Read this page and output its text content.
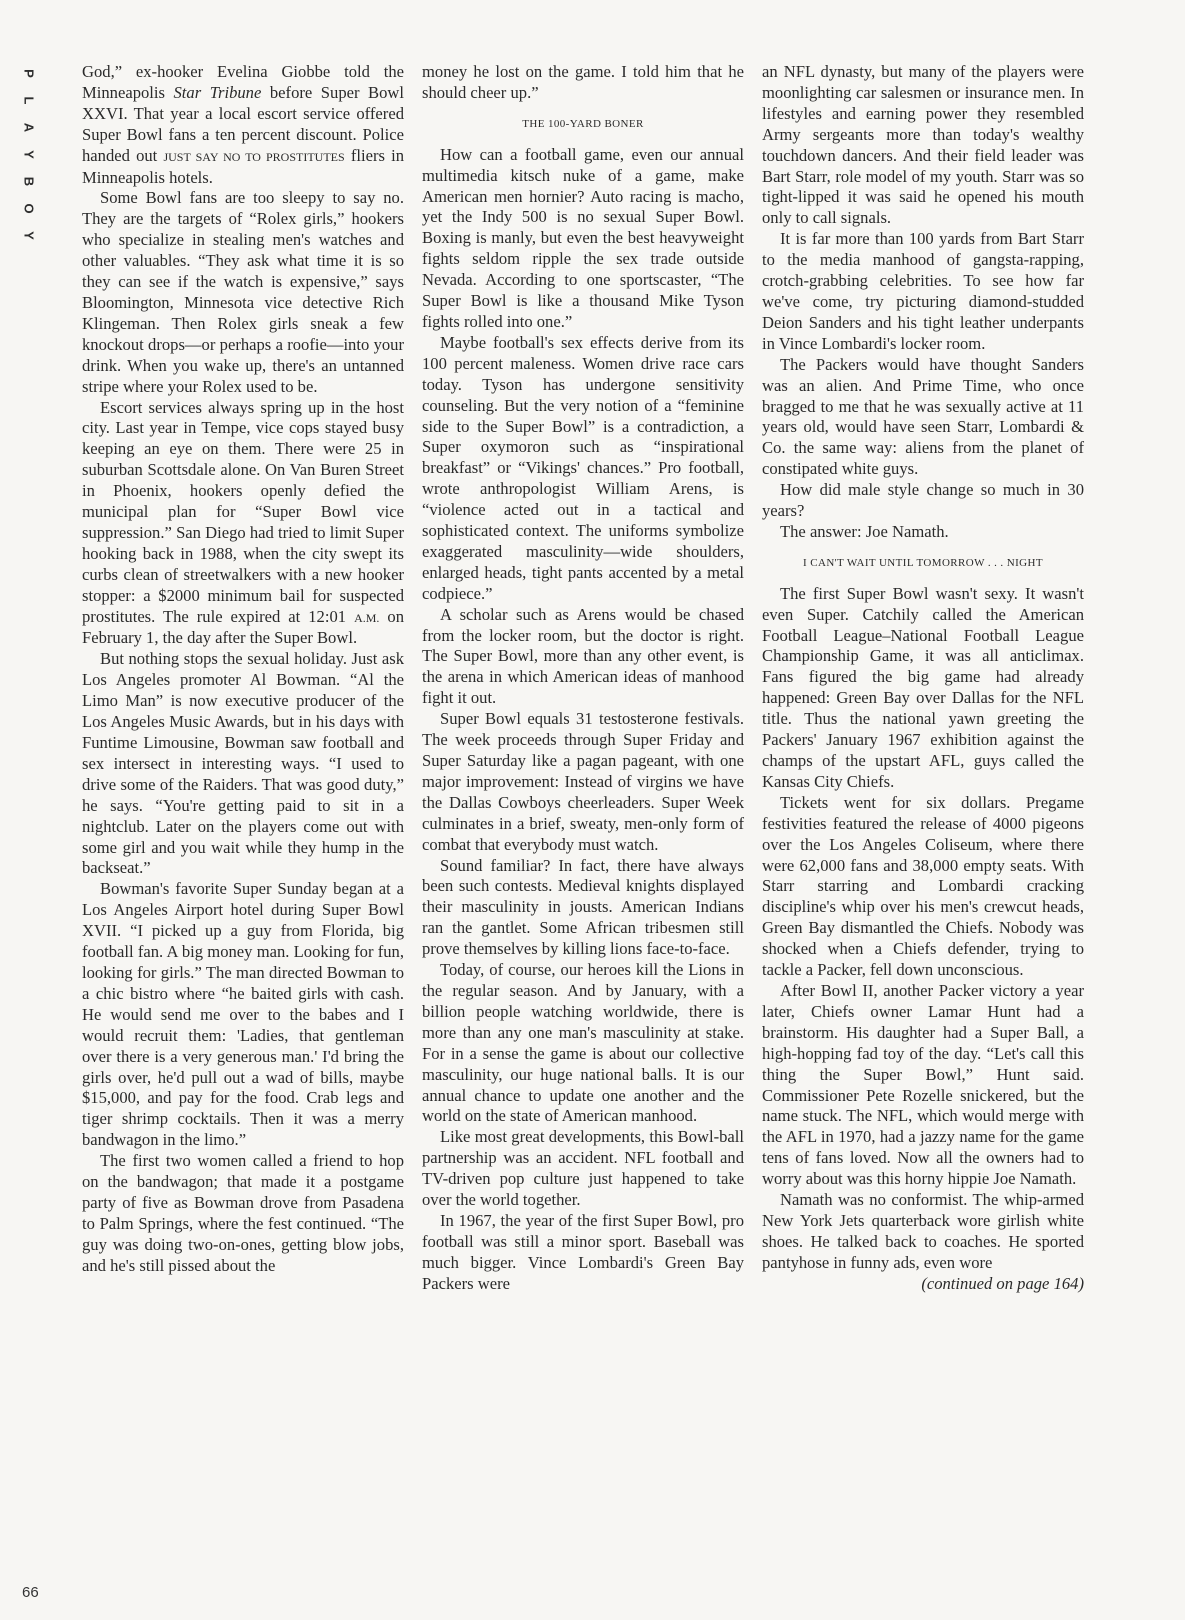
P
L
A
Y
B
O
Y
66

God,” ex-hooker Evelina Giobbe told the Minneapolis Star Tribune before Super Bowl XXVI. That year a local escort service offered Super Bowl fans a ten percent discount. Police handed out JUST SAY NO TO PROSTITUTES fliers in Minneapolis hotels.

Some Bowl fans are too sleepy to say no. They are the targets of “Rolex girls,” hookers who specialize in stealing men's watches and other valuables. “They ask what time it is so they can see if the watch is expensive,” says Bloomington, Minnesota vice detective Rich Klingeman. Then Rolex girls sneak a few knockout drops—or perhaps a roofie—into your drink. When you wake up, there's an untanned stripe where your Rolex used to be.

Escort services always spring up in the host city. Last year in Tempe, vice cops stayed busy keeping an eye on them. There were 25 in suburban Scottsdale alone. On Van Buren Street in Phoenix, hookers openly defied the municipal plan for “Super Bowl vice suppression.” San Diego had tried to limit Super hooking back in 1988, when the city swept its curbs clean of streetwalkers with a new hooker stopper: a $2000 minimum bail for suspected prostitutes. The rule expired at 12:01 A.M. on February 1, the day after the Super Bowl.

But nothing stops the sexual holiday. Just ask Los Angeles promoter Al Bowman. “Al the Limo Man” is now executive producer of the Los Angeles Music Awards, but in his days with Funtime Limousine, Bowman saw football and sex intersect in interesting ways. “I used to drive some of the Raiders. That was good duty,” he says. “You're getting paid to sit in a nightclub. Later on the players come out with some girl and you wait while they hump in the backseat.”

Bowman's favorite Super Sunday began at a Los Angeles Airport hotel during Super Bowl XVII. “I picked up a guy from Florida, big football fan. A big money man. Looking for fun, looking for girls.” The man directed Bowman to a chic bistro where “he baited girls with cash. He would send me over to the babes and I would recruit them: 'Ladies, that gentleman over there is a very generous man.' I'd bring the girls over, he'd pull out a wad of bills, maybe $15,000, and pay for the food. Crab legs and tiger shrimp cocktails. Then it was a merry bandwagon in the limo.”

The first two women called a friend to hop on the bandwagon; that made it a postgame party of five as Bowman drove from Pasadena to Palm Springs, where the fest continued. “The guy was doing two-on-ones, getting blow jobs, and he's still pissed about the

money he lost on the game. I told him that he should cheer up.”

THE 100-YARD BONER

How can a football game, even our annual multimedia kitsch nuke of a game, make American men hornier? Auto racing is macho, yet the Indy 500 is no sexual Super Bowl. Boxing is manly, but even the best heavyweight fights seldom ripple the sex trade outside Nevada. According to one sportscaster, “The Super Bowl is like a thousand Mike Tyson fights rolled into one.”

Maybe football's sex effects derive from its 100 percent maleness. Women drive race cars today. Tyson has undergone sensitivity counseling. But the very notion of a “feminine side to the Super Bowl” is a contradiction, a Super oxymoron such as “inspirational breakfast” or “Vikings' chances.” Pro football, wrote anthropologist William Arens, is “violence acted out in a tactical and sophisticated context. The uniforms symbolize exaggerated masculinity—wide shoulders, enlarged heads, tight pants accented by a metal codpiece.”

A scholar such as Arens would be chased from the locker room, but the doctor is right. The Super Bowl, more than any other event, is the arena in which American ideas of manhood fight it out.

Super Bowl equals 31 testosterone festivals. The week proceeds through Super Friday and Super Saturday like a pagan pageant, with one major improvement: Instead of virgins we have the Dallas Cowboys cheerleaders. Super Week culminates in a brief, sweaty, men-only form of combat that everybody must watch.

Sound familiar? In fact, there have always been such contests. Medieval knights displayed their masculinity in jousts. American Indians ran the gantlet. Some African tribesmen still prove themselves by killing lions face-to-face.

Today, of course, our heroes kill the Lions in the regular season. And by January, with a billion people watching worldwide, there is more than any one man's masculinity at stake. For in a sense the game is about our collective masculinity, our huge national balls. It is our annual chance to update one another and the world on the state of American manhood.

Like most great developments, this Bowl-ball partnership was an accident. NFL football and TV-driven pop culture just happened to take over the world together.

In 1967, the year of the first Super Bowl, pro football was still a minor sport. Baseball was much bigger. Vince Lombardi's Green Bay Packers were

an NFL dynasty, but many of the players were moonlighting car salesmen or insurance men. In lifestyles and earning power they resembled Army sergeants more than today's wealthy touchdown dancers. And their field leader was Bart Starr, role model of my youth. Starr was so tight-lipped it was said he opened his mouth only to call signals.

It is far more than 100 yards from Bart Starr to the media manhood of gangsta-rapping, crotch-grabbing celebrities. To see how far we've come, try picturing diamond-studded Deion Sanders and his tight leather underpants in Vince Lombardi's locker room.

The Packers would have thought Sanders was an alien. And Prime Time, who once bragged to me that he was sexually active at 11 years old, would have seen Starr, Lombardi & Co. the same way: aliens from the planet of constipated white guys.

How did male style change so much in 30 years?

The answer: Joe Namath.

I CAN'T WAIT UNTIL TOMORROW . . . NIGHT

The first Super Bowl wasn't sexy. It wasn't even Super. Catchily called the American Football League–National Football League Championship Game, it was all anticlimax. Fans figured the big game had already happened: Green Bay over Dallas for the NFL title. Thus the national yawn greeting the Packers' January 1967 exhibition against the champs of the upstart AFL, guys called the Kansas City Chiefs.

Tickets went for six dollars. Pregame festivities featured the release of 4000 pigeons over the Los Angeles Coliseum, where there were 62,000 fans and 38,000 empty seats. With Starr starring and Lombardi cracking discipline's whip over his men's crewcut heads, Green Bay dismantled the Chiefs. Nobody was shocked when a Chiefs defender, trying to tackle a Packer, fell down unconscious.

After Bowl II, another Packer victory a year later, Chiefs owner Lamar Hunt had a brainstorm. His daughter had a Super Ball, a high-hopping fad toy of the day. “Let's call this thing the Super Bowl,” Hunt said. Commissioner Pete Rozelle snickered, but the name stuck. The NFL, which would merge with the AFL in 1970, had a jazzy name for the game tens of fans loved. Now all the owners had to worry about was this horny hippie Joe Namath.

Namath was no conformist. The whip-armed New York Jets quarterback wore girlish white shoes. He talked back to coaches. He sported pantyhose in funny ads, even wore

(continued on page 164)
